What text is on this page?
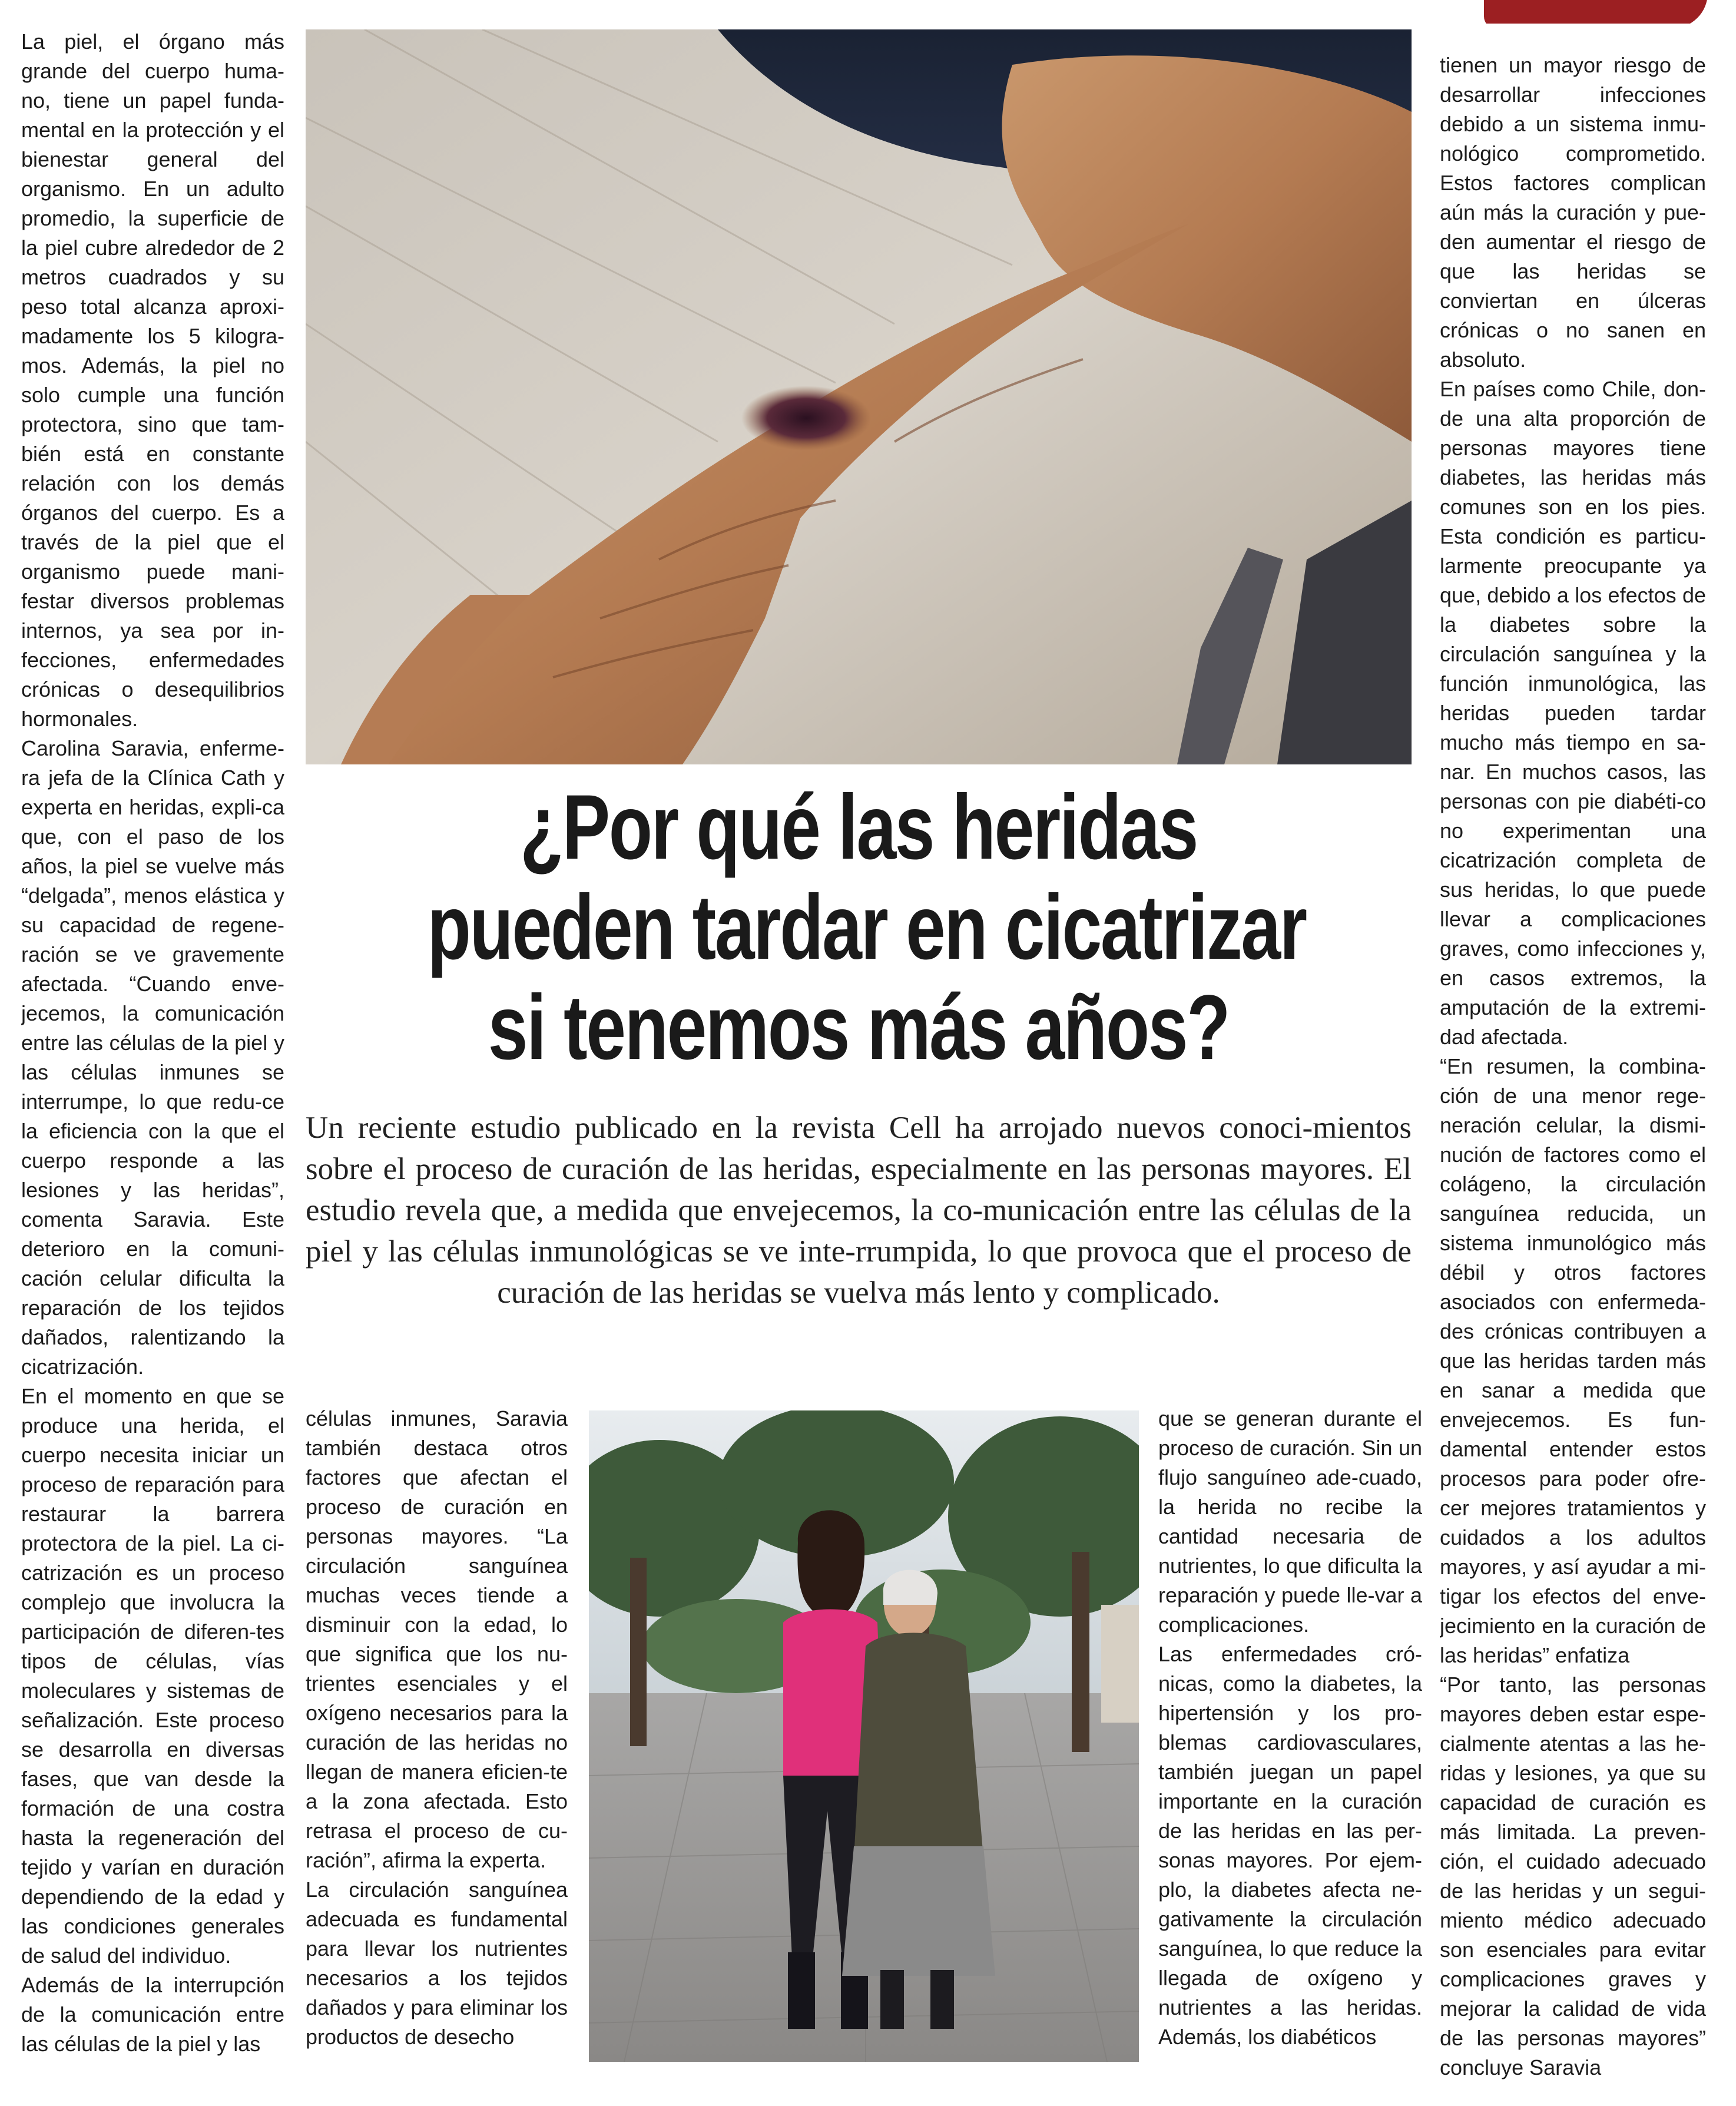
La piel, el órgano más grande del cuerpo huma-no, tiene un papel funda-mental en la protección y el bienestar general del organismo. En un adulto promedio, la superficie de la piel cubre alrededor de 2 metros cuadrados y su peso total alcanza aproxi-madamente los 5 kilogra-mos. Además, la piel no solo cumple una función protectora, sino que tam-bién está en constante relación con los demás órganos del cuerpo. Es a través de la piel que el organismo puede mani-festar diversos problemas internos, ya sea por in-fecciones, enfermedades crónicas o desequilibrios hormonales.

Carolina Saravia, enferme-ra jefa de la Clínica Cath y experta en heridas, expli-ca que, con el paso de los años, la piel se vuelve más “delgada”, menos elástica y su capacidad de regene-ración se ve gravemente afectada. “Cuando enve-jecemos, la comunicación entre las células de la piel y las células inmunes se interrumpe, lo que redu-ce la eficiencia con la que el cuerpo responde a las lesiones y las heridas”, comenta Saravia. Este deterioro en la comuni-cación celular dificulta la reparación de los tejidos dañados, ralentizando la cicatrización.

En el momento en que se produce una herida, el cuerpo necesita iniciar un proceso de reparación para restaurar la barrera protectora de la piel. La ci-catrización es un proceso complejo que involucra la participación de diferen-tes tipos de células, vías moleculares y sistemas de señalización. Este proceso se desarrolla en diversas fases, que van desde la formación de una costra hasta la regeneración del tejido y varían en duración dependiendo de la edad y las condiciones generales de salud del individuo.

Además de la interrupción de la comunicación entre las células de la piel y las

¿Por qué las heridas
pueden tardar en cicatrizar
si tenemos más años?
Un reciente estudio publicado en la revista Cell ha arrojado nuevos conoci-mientos sobre el proceso de curación de las heridas, especialmente en las personas mayores. El estudio revela que, a medida que envejecemos, la co-municación entre las células de la piel y las células inmunológicas se ve inte-rrumpida, lo que provoca que el proceso de curación de las heridas se vuelva más lento y complicado.

células inmunes, Saravia también destaca otros factores que afectan el proceso de curación en personas mayores. “La circulación sanguínea muchas veces tiende a disminuir con la edad, lo que significa que los nu-trientes esenciales y el oxígeno necesarios para la curación de las heridas no llegan de manera eficien-te a la zona afectada. Esto retrasa el proceso de cu-ración”, afirma la experta.

La circulación sanguínea adecuada es fundamental para llevar los nutrientes necesarios a los tejidos dañados y para eliminar los productos de desecho

que se generan durante el proceso de curación. Sin un flujo sanguíneo ade-cuado, la herida no recibe la cantidad necesaria de nutrientes, lo que dificulta la reparación y puede lle-var a complicaciones.

Las enfermedades cró-nicas, como la diabetes, la hipertensión y los pro-blemas cardiovasculares, también juegan un papel importante en la curación de las heridas en las per-sonas mayores. Por ejem-plo, la diabetes afecta ne-gativamente la circulación sanguínea, lo que reduce la llegada de oxígeno y nutrientes a las heridas. Además, los diabéticos

tienen un mayor riesgo de desarrollar infecciones debido a un sistema inmu-nológico comprometido. Estos factores complican aún más la curación y pue-den aumentar el riesgo de que las heridas se conviertan en úlceras crónicas o no sanen en absoluto.

En países como Chile, don-de una alta proporción de personas mayores tiene diabetes, las heridas más comunes son en los pies. Esta condición es particu-larmente preocupante ya que, debido a los efectos de la diabetes sobre la circulación sanguínea y la función inmunológica, las heridas pueden tardar mucho más tiempo en sa-nar. En muchos casos, las personas con pie diabéti-co no experimentan una cicatrización completa de sus heridas, lo que puede llevar a complicaciones graves, como infecciones y, en casos extremos, la amputación de la extremi-dad afectada.

“En resumen, la combina-ción de una menor rege-neración celular, la dismi-nución de factores como el colágeno, la circulación sanguínea reducida, un sistema inmunológico más débil y otros factores asociados con enfermeda-des crónicas contribuyen a que las heridas tarden más en sanar a medida que envejecemos. Es fun-damental entender estos procesos para poder ofre-cer mejores tratamientos y cuidados a los adultos mayores, y así ayudar a mi-tigar los efectos del enve-jecimiento en la curación de las heridas” enfatiza

“Por tanto, las personas mayores deben estar espe-cialmente atentas a las he-ridas y lesiones, ya que su capacidad de curación es más limitada. La preven-ción, el cuidado adecuado de las heridas y un segui-miento médico adecuado son esenciales para evitar complicaciones graves y mejorar la calidad de vida de las personas mayores” concluye Saravia
